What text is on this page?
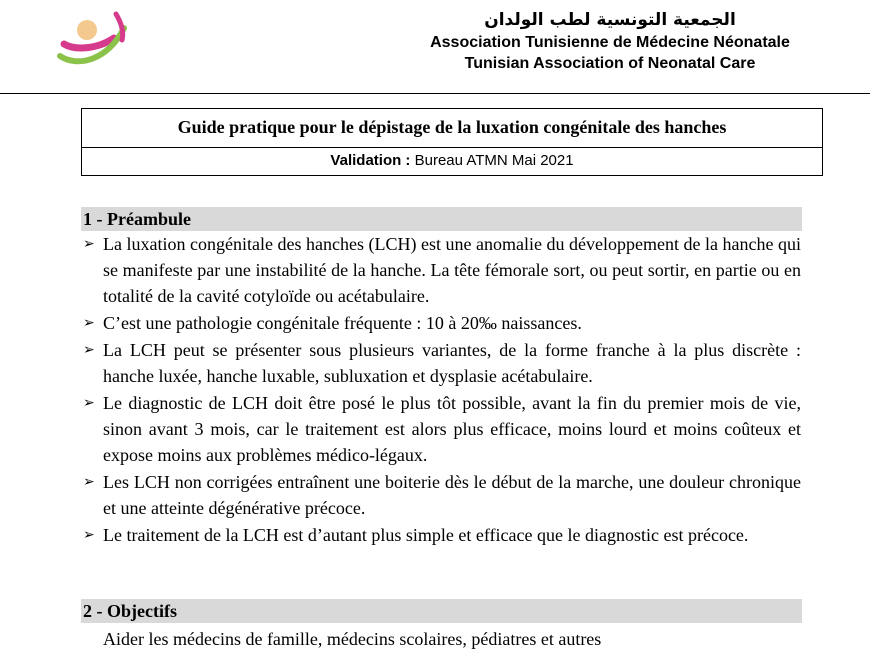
الجمعية التونسية لطب الولدان
Association Tunisienne de Médecine Néonatale
Tunisian Association of Neonatal Care
Guide pratique pour le dépistage de la luxation congénitale des hanches
Validation : Bureau ATMN Mai 2021
1 - Préambule
➢ La luxation congénitale des hanches (LCH) est une anomalie du développement de la hanche qui se manifeste par une instabilité de la hanche. La tête fémorale sort, ou peut sortir, en partie ou en totalité de la cavité cotyloïde ou acétabulaire.
➢ C’est une pathologie congénitale fréquente : 10 à 20‰ naissances.
➢ La LCH peut se présenter sous plusieurs variantes, de la forme franche à la plus discrète : hanche luxée, hanche luxable, subluxation et dysplasie acétabulaire.
➢ Le diagnostic de LCH doit être posé le plus tôt possible, avant la fin du premier mois de vie, sinon avant 3 mois, car le traitement est alors plus efficace, moins lourd et moins coûteux et expose moins aux problèmes médico-légaux.
➢ Les LCH non corrigées entraînent une boiterie dès le début de la marche, une douleur chronique et une atteinte dégénérative précoce.
➢ Le traitement de la LCH est d’autant plus simple et efficace que le diagnostic est précoce.
2 - Objectifs
Aider les médecins de famille, médecins scolaires, pédiatres et autres
